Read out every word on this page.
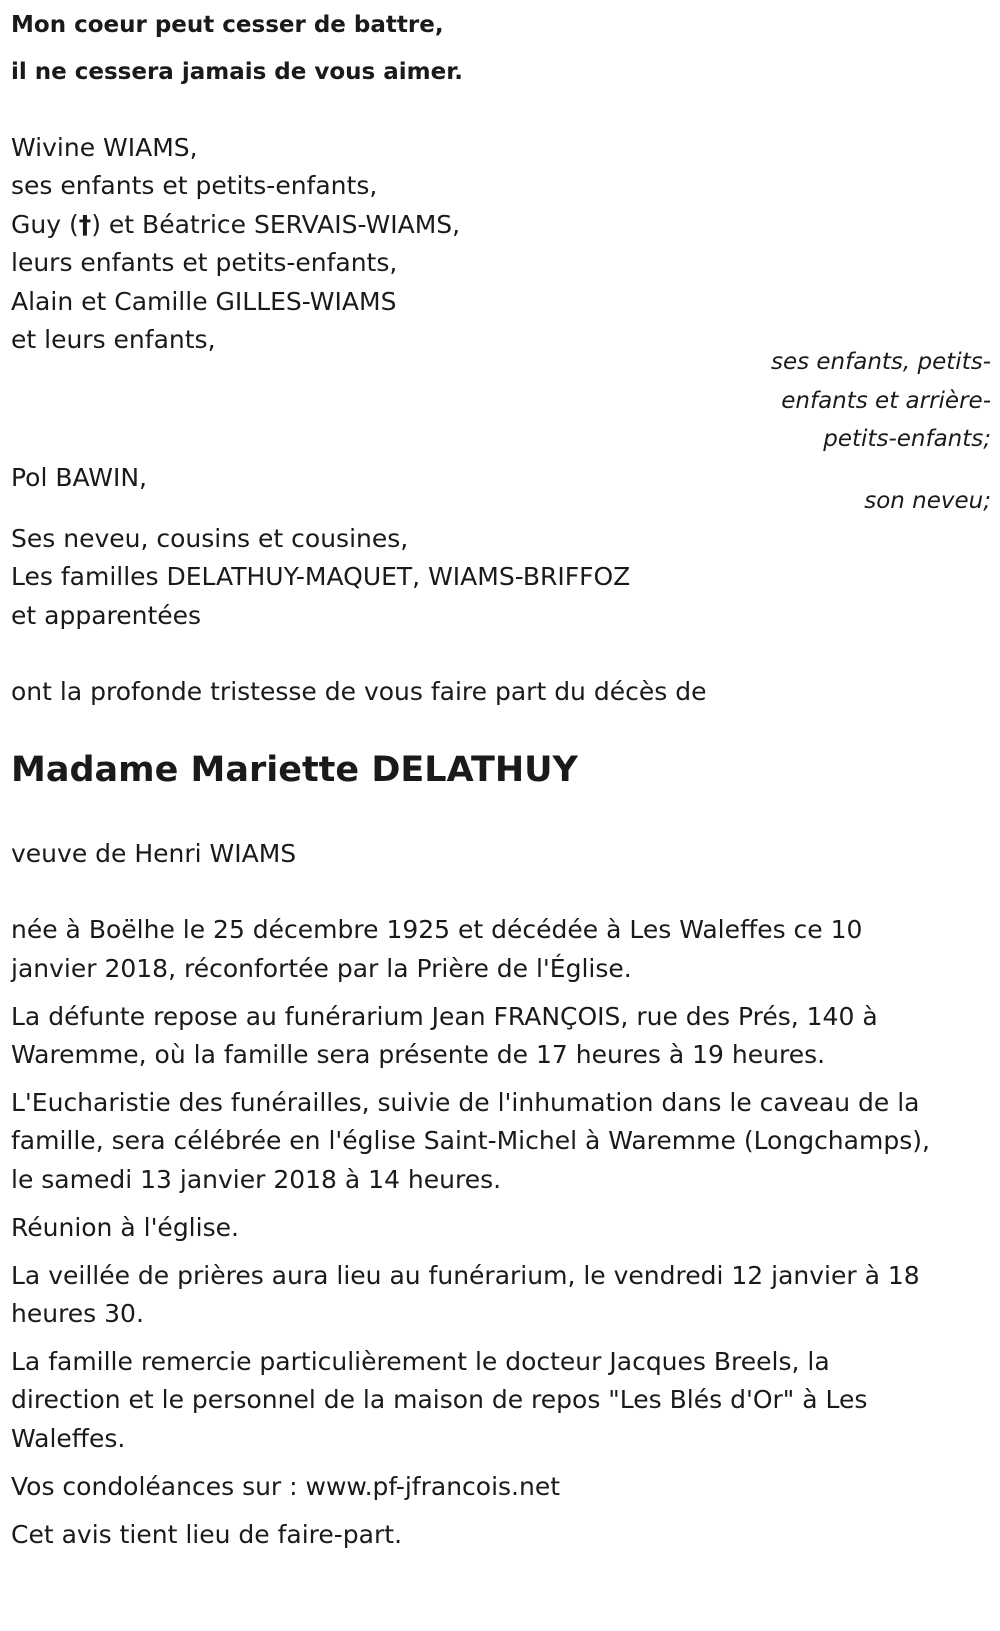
Mon coeur peut cesser de battre,
il ne cessera jamais de vous aimer.
Wivine WIAMS,
ses enfants et petits-enfants,
Guy (†) et Béatrice SERVAIS-WIAMS,
leurs enfants et petits-enfants,
Alain et Camille GILLES-WIAMS
et leurs enfants,
ses enfants, petits-
enfants et arrière-
petits-enfants;
Pol BAWIN,
son neveu;
Ses neveu, cousins et cousines,
Les familles DELATHUY-MAQUET, WIAMS-BRIFFOZ
et apparentées
ont la profonde tristesse de vous faire part du décès de
Madame Mariette DELATHUY
veuve de Henri WIAMS
née à Boëlhe le 25 décembre 1925 et décédée à Les Waleffes ce 10
janvier 2018, réconfortée par la Prière de l'Église.
La défunte repose au funérarium Jean FRANÇOIS, rue des Prés, 140 à
Waremme, où la famille sera présente de 17 heures à 19 heures.
L'Eucharistie des funérailles, suivie de l'inhumation dans le caveau de la
famille, sera célébrée en l'église Saint-Michel à Waremme (Longchamps),
le samedi 13 janvier 2018 à 14 heures.
Réunion à l'église.
La veillée de prières aura lieu au funérarium, le vendredi 12 janvier à 18
heures 30.
La famille remercie particulièrement le docteur Jacques Breels, la
direction et le personnel de la maison de repos "Les Blés d'Or" à Les
Waleffes.
Vos condoléances sur : www.pf-jfrancois.net
Cet avis tient lieu de faire-part.
